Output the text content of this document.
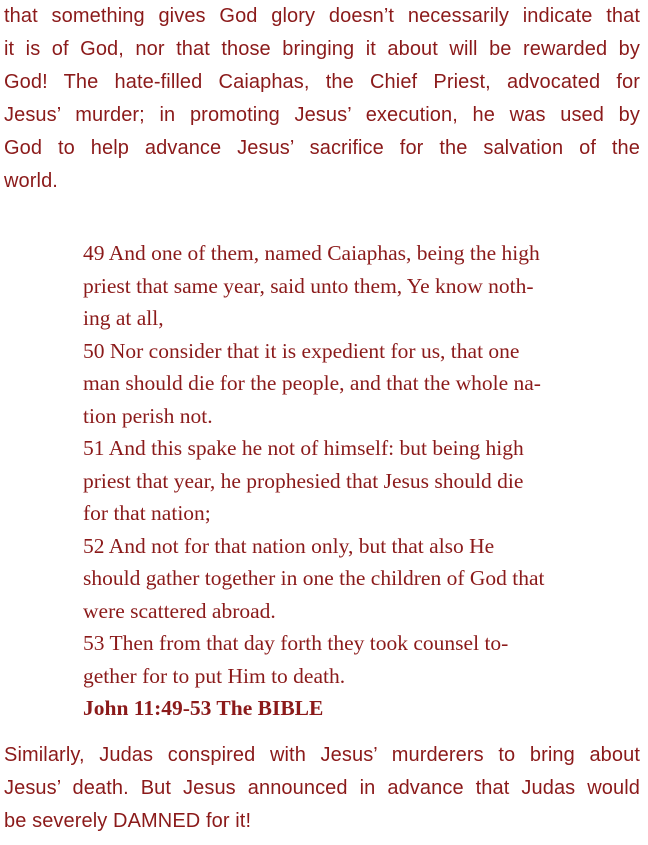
that something gives God glory doesn’t necessarily indicate that
it is of God, nor that those bringing it about will be rewarded by
God! The hate-filled Caiaphas, the Chief Priest, advocated for
Jesus’ murder; in promoting Jesus’ execution, he was used by
God to help advance Jesus’ sacrifice for the salvation of the
world.
49 And one of them, named Caiaphas, being the high
priest that same year, said unto them, Ye know noth-
ing at all,
50 Nor consider that it is expedient for us, that one
man should die for the people, and that the whole na-
tion perish not.
51 And this spake he not of himself: but being high
priest that year, he prophesied that Jesus should die
for that nation;
52 And not for that nation only, but that also He
should gather together in one the children of God that
were scattered abroad.
53 Then from that day forth they took counsel to-
gether for to put Him to death.
John 11:49-53 The BIBLE
Similarly, Judas conspired with Jesus’ murderers to bring about
Jesus’ death. But Jesus announced in advance that Judas would
be severely DAMNED for it!
